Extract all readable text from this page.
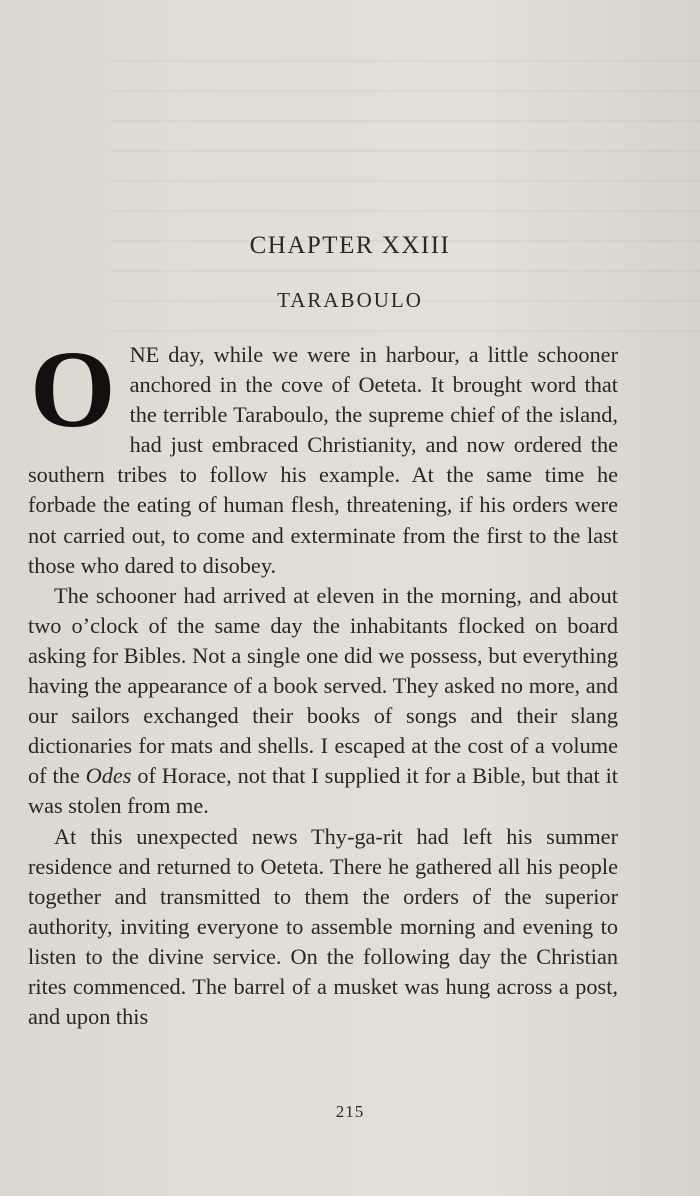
CHAPTER XXIII
TARABOULO

ONE day, while we were in harbour, a little schooner anchored in the cove of Oeteta. It brought word that the terrible Taraboulo, the supreme chief of the island, had just embraced Christianity, and now ordered the southern tribes to follow his example. At the same time he forbade the eating of human flesh, threatening, if his orders were not carried out, to come and exterminate from the first to the last those who dared to disobey.

The schooner had arrived at eleven in the morning, and about two o’clock of the same day the inhabitants flocked on board asking for Bibles. Not a single one did we possess, but everything having the appearance of a book served. They asked no more, and our sailors exchanged their books of songs and their slang dictionaries for mats and shells. I escaped at the cost of a volume of the Odes of Horace, not that I supplied it for a Bible, but that it was stolen from me.

At this unexpected news Thy-ga-rit had left his summer residence and returned to Oeteta. There he gathered all his people together and transmitted to them the orders of the superior authority, inviting everyone to assemble morning and evening to listen to the divine service. On the following day the Christian rites commenced. The barrel of a musket was hung across a post, and upon this

215
